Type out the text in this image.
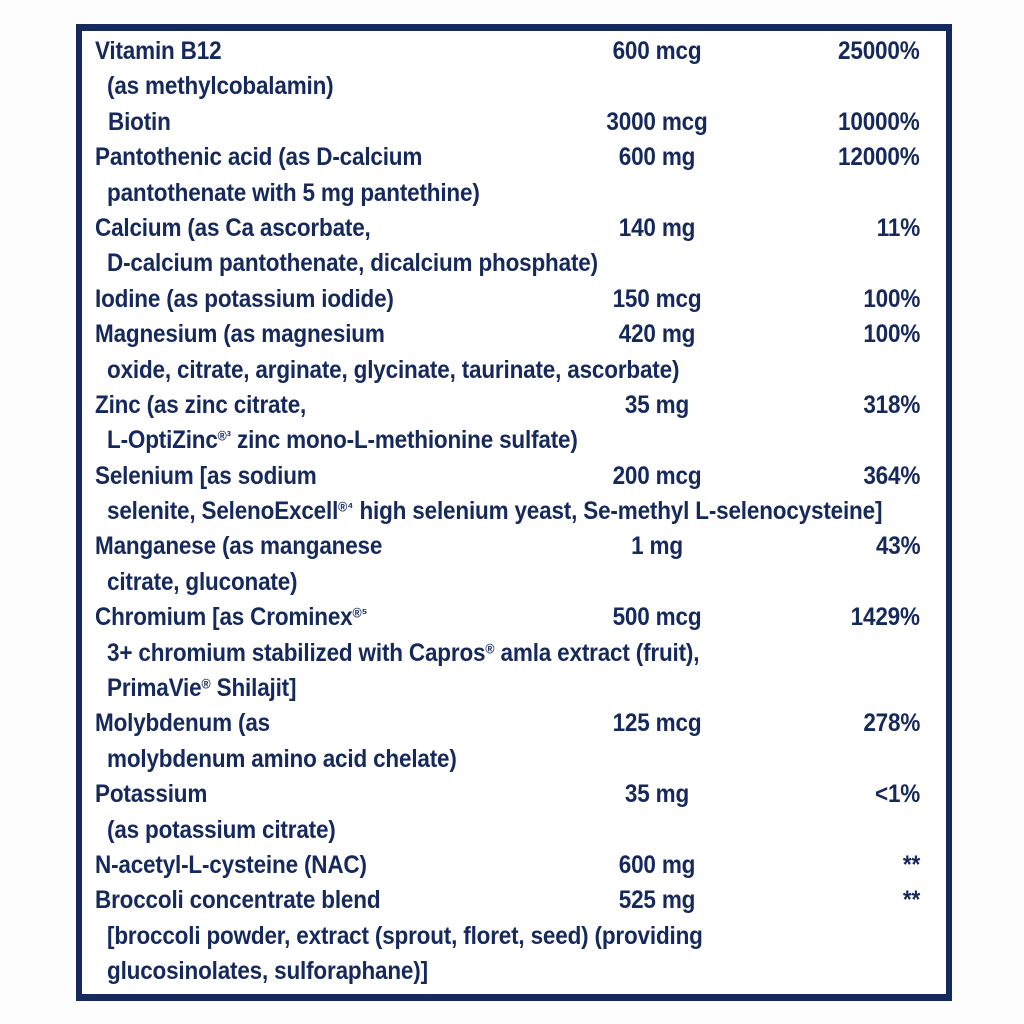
Vitamin B12	600 mcg	25000%
(as methylcobalamin)
Biotin	3000 mcg	10000%
Pantothenic acid (as D-calcium	600 mg	12000%
pantothenate with 5 mg pantethine)
Calcium (as Ca ascorbate,	140 mg	11%
D-calcium pantothenate, dicalcium phosphate)
Iodine (as potassium iodide)	150 mcg	100%
Magnesium (as magnesium	420 mg	100%
oxide, citrate, arginate, glycinate, taurinate, ascorbate)
Zinc (as zinc citrate,	35 mg	318%
L-OptiZinc$^{®^3}$ zinc mono-L-methionine sulfate)
Selenium [as sodium	200 mcg	364%
selenite, SelenoExcell$^{®^4}$ high selenium yeast, Se-methyl L-selenocysteine]
Manganese (as manganese	1 mg	43%
citrate, gluconate)
Chromium [as Crominex$^{®^5}$	500 mcg	1429%
3+ chromium stabilized with Capros® amla extract (fruit),
PrimaVie® Shilajit]
Molybdenum (as	125 mcg	278%
molybdenum amino acid chelate)
Potassium	35 mg	<1%
(as potassium citrate)
N-acetyl-L-cysteine (NAC)	600 mg	**
Broccoli concentrate blend	525 mg	**
[broccoli powder, extract (sprout, floret, seed) (providing
glucosinolates, sulforaphane)]
